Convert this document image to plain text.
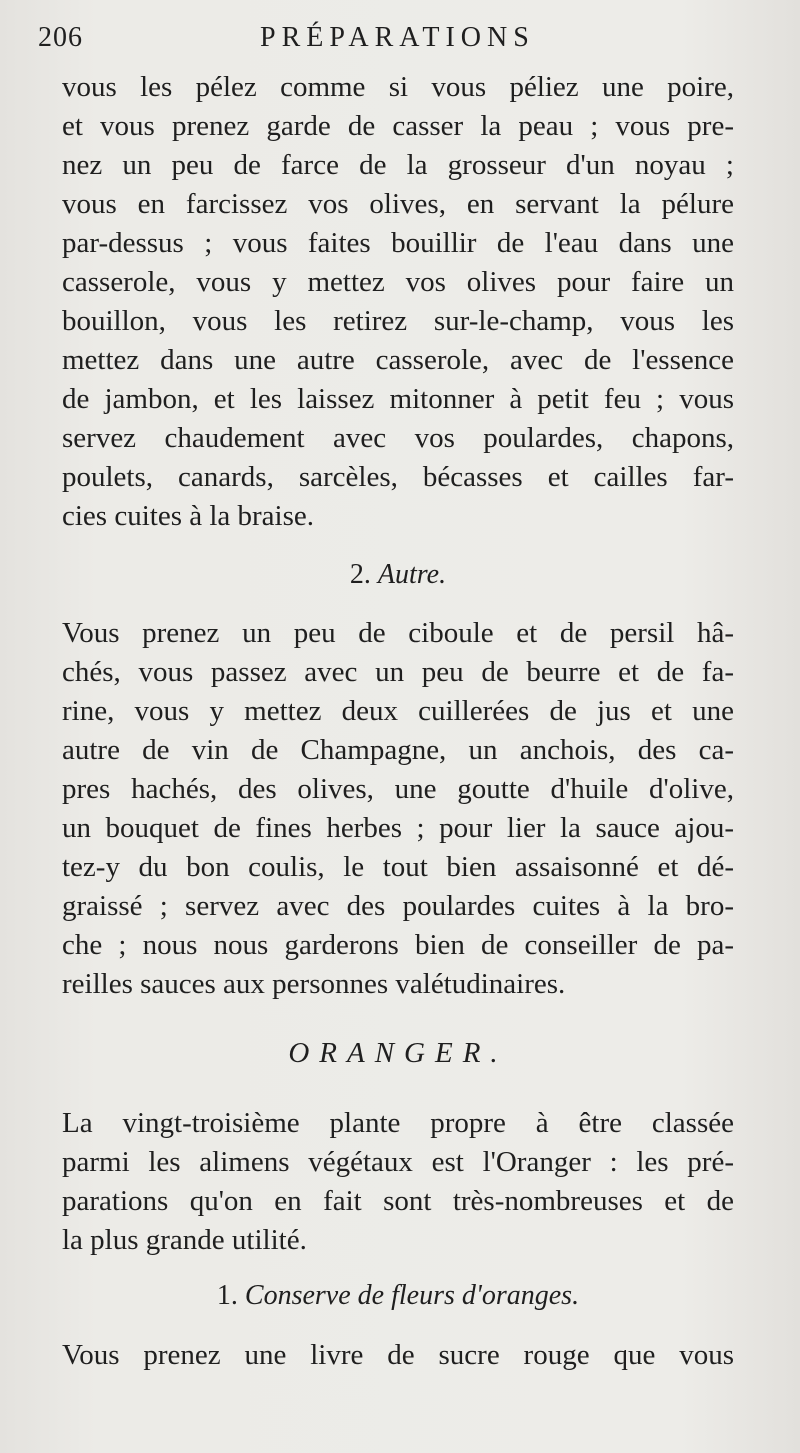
206	PRÉPARATIONS
vous les pélez comme si vous péliez une poire,
et vous prenez garde de casser la peau ; vous pre-
nez un peu de farce de la grosseur d'un noyau ;
vous en farcissez vos olives, en servant la pélure
par-dessus ; vous faites bouillir de l'eau dans une
casserole, vous y mettez vos olives pour faire un
bouillon, vous les retirez sur-le-champ, vous les
mettez dans une autre casserole, avec de l'essence
de jambon, et les laissez mitonner à petit feu ; vous
servez chaudement avec vos poulardes, chapons,
poulets, canards, sarcèles, bécasses et cailles far-
cies cuites à la braise.
2. Autre.
Vous prenez un peu de ciboule et de persil hâ-
chés, vous passez avec un peu de beurre et de fa-
rine, vous y mettez deux cuillerées de jus et une
autre de vin de Champagne, un anchois, des ca-
pres hachés, des olives, une goutte d'huile d'olive,
un bouquet de fines herbes ; pour lier la sauce ajou-
tez-y du bon coulis, le tout bien assaisonné et dé-
graissé ; servez avec des poulardes cuites à la bro-
che ; nous nous garderons bien de conseiller de pa-
reilles sauces aux personnes valétudinaires.
ORANGER.
La vingt-troisième plante propre à être classée
parmi les alimens végétaux est l'Oranger : les pré-
parations qu'on en fait sont très-nombreuses et de
la plus grande utilité.
1. Conserve de fleurs d'oranges.
Vous prenez une livre de sucre rouge que vous
